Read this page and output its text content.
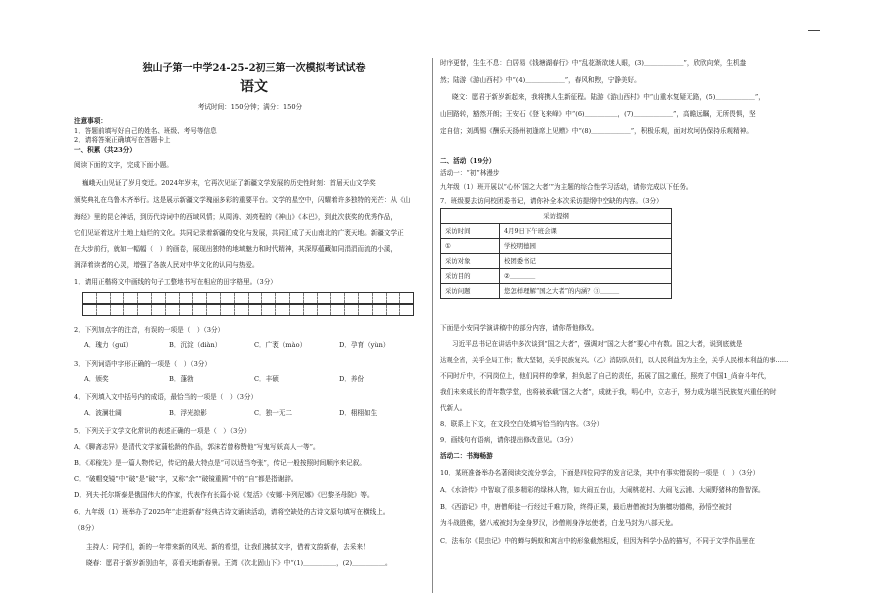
独山子第一中学24-25-2初三第一次模拟考试试卷
语文
考试时间：150分钟；满分：150分
注意事项：
1．答题前填写好自己的姓名、班级、考号等信息
2．请将答案正确填写在答题卡上
一、积累（共23分）
阅读下面的文字，完成下面小题。
巍峨天山见证了岁月变迁。2024年岁末，它再次见证了新疆文学发展的历史性时刻：首届天山文学奖
颁奖典礼在乌鲁木齐举行。这是展示新疆文学瑰丽多彩的重要平台。文学的星空中，闪耀着许多独特的光芒：从《山
海经》里的昆仑神话，到历代诗词中的西域风情；从周涛、刘亮程的《神山》《本巴》，到此次获奖的优秀作品，
它们见证着这片土地上灿烂的文化。共同记录着新疆的变化与发展，共同汇成了天山南北的广袤天地。新疆文学正
在大步前行，就如一幅幅（　）的画卷，展现出独特的地域魅力和时代精神，其深厚蕴藏如同涓涓而流的小溪，
润泽着读者的心灵，增强了各族人民对中华文化的认同与热爱。
1．请用正楷将文中画线的句子工整地书写在相应的田字格里。（3分）
2．下列加点字的注音，有误的一项是（　）（3分）
A．瑰力（guī）	B．沉淀（diàn）	C．广袤（mào）	D．孕育（yùn）
3．下列词语中字形正确的一项是（　）（3分）
A．颁奖	B．蓬勃	C．丰硕	D．养份
4．下列填入文中括号内的成语，最恰当的一项是（　）（3分）
A．波澜壮阔	B．浮光掠影	C．独一无二	D．栩栩如生
5．下列关于文学文化常识的表述正确的一项是（　）（3分）
A．《聊斋志异》是清代文学家蒲松龄的作品，郭沫若曾称赞他“写鬼写妖高人一等”。
B．《邓稼先》是一篇人物传记，传记的最大特点是“可以适当夸张”，传记一般按照时间顺序来记叙。
C．“破帽变镜”中“破”是“破”字，又称“余”“破镜重圆”中的“自”都是指谢辞。
D．列夫·托尔斯泰是俄国伟大的作家，代表作有长篇小说《复活》《安娜·卡列尼娜》《巴黎圣母院》等。
6．九年级（1）班举办了2025年“走进新春”经典古诗文诵读活动，请将空缺处的古诗文原句填写在横线上。
（8分）
主持人：同学们，新的一年带来新的风光、新的希望，让我们拂拭文字，借着文韵新春，去采来！
晓春：愿君于新岁新别由年，喜看天地新春景。王湾《次北固山下》中“(1)＿＿＿＿＿，(2)＿＿＿＿＿。
时序更替，生生不息：白居易《钱塘湖春行》中“乱花渐欲迷人眼，(3)＿＿＿＿＿＿”，欣欣向荣，生机盎
然；陆游《游山西村》中“(4)＿＿＿＿＿＿”，春风和煦，宁静美好。
晓文：愿君于新岁新起来，我将携人生新征程。陆游《游山西村》中“山重水复疑无路，(5)＿＿＿＿＿＿”，
山回路转，豁然开朗；王安石《登飞来峰》中“(6)＿＿＿＿＿，(7)＿＿＿＿＿＿”，高瞻远瞩，无所畏惧，坚
定自信；刘禹锡《酬乐天扬州初逢席上见赠》中“(8)＿＿＿＿＿＿”，积极乐观，面对坎坷仍保持乐观精神。
二、活动（19分）
活动一：“初”林漫步
九年级（1）班开展以“心怀‘国之大者’”为主题的综合性学习活动，请你完成以下任务。
7．班级要去访问校团委书记，请你补全本次采访提纲中空缺的内容。（3分）
采访提纲	
采访时间	4月9日下午班会课
①	学校明德园
采访对象	校团委书记
采访目的	②＿＿＿＿
采访问题	您怎样理解“国之大者”的内涵？③＿＿＿
下面是小安同学演讲稿中的部分内容，请你帮他修改。
习近平总书记在讲话中多次谈到“国之大者”，强调对“国之大者”要心中有数。国之大者，说到底就是
达观全省，关乎全局工作；数大坚韧，关乎民族复兴。（乙）消防队员们，以人民利益为为主全，关乎人民根本利益的事……
不同时斤中，不同岗位上，他们同样的拳掌，担负起了自己的责任，拓展了国之重任，照亮了中国1_尚奋斗年代，
我们未来成长的青年数学堂，也将被承载“国之大者”，成就于我，明心中，立志于，努力成为堪当民族复兴重任的时
代新人。
8．联系上下文，在文段空白处填写恰当的内容。（3分）
9．画线句有语病，请你提出修改意见。（3分）
活动二：书海畅游
10．某班准备举办名著阅读交流分享会，下面是四位同学的发言记录，其中有事实错误的一项是（　）（3分）
A．《水浒传》中智取了很多精彩的绿林人物，如大闹五台山，大闹桃花村、大闹飞云浦、大闹野猪林的鲁智深。
B．《西游记》中，唐僧师徒一行经过千难万险，终得正果，最后唐僧被封为旃檀功德佛，孙悟空被封
为斗战胜佛，猪八戒被封为金身罗汉，沙僧则身净坛使者，白龙马封为八部天龙。
C．法布尔《昆虫记》中的蝉与蚂蚁和寓言中的形象截然相反，但因为科学小品的描写，不同于文学作品里在
